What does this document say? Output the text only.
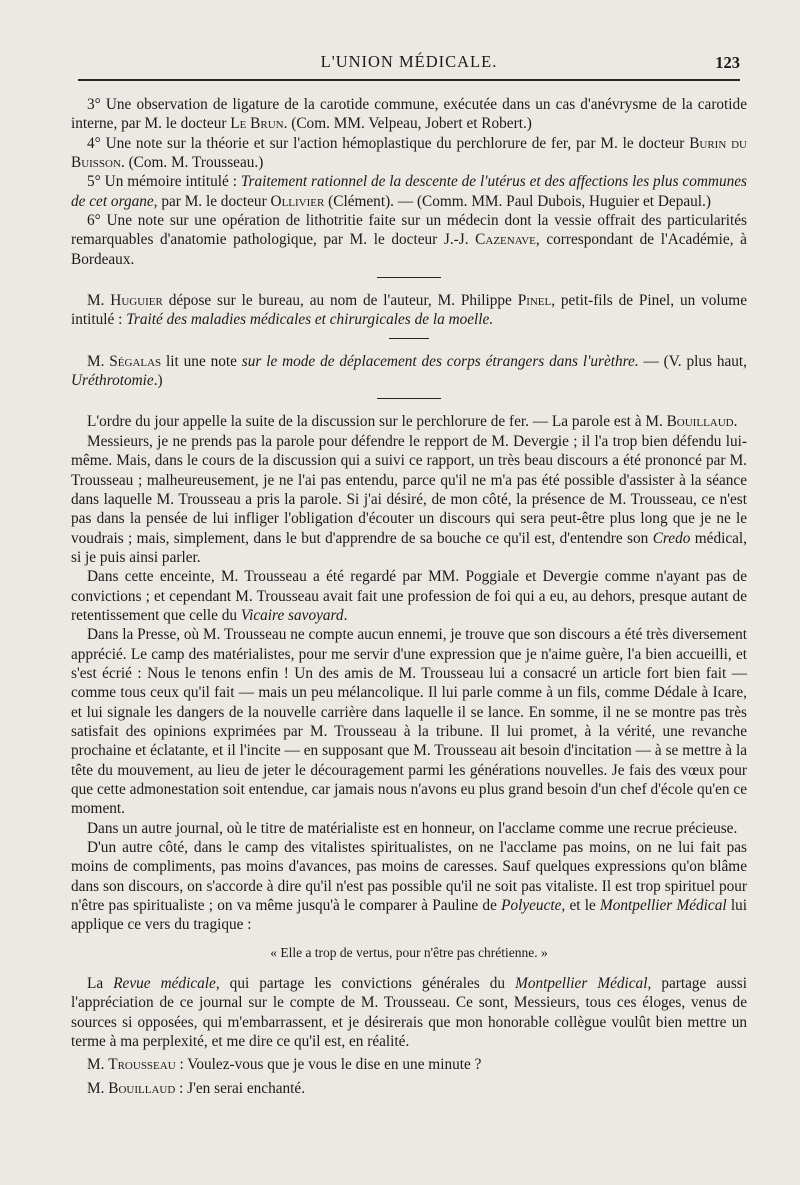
L'UNION MÉDICALE.	123

3° Une observation de ligature de la carotide commune, exécutée dans un cas d'anévrysme de la carotide interne, par M. le docteur Le Brun. (Com. MM. Velpeau, Jobert et Robert.)

4° Une note sur la théorie et sur l'action hémoplastique du perchlorure de fer, par M. le docteur Burin du Buisson. (Com. M. Trousseau.)

5° Un mémoire intitulé : Traitement rationnel de la descente de l'utérus et des affections les plus communes de cet organe, par M. le docteur Ollivier (Clément). — (Comm. MM. Paul Dubois, Huguier et Depaul.)

6° Une note sur une opération de lithotritie faite sur un médecin dont la vessie offrait des particularités remarquables d'anatomie pathologique, par M. le docteur J.-J. Cazenave, correspondant de l'Académie, à Bordeaux.

M. Huguier dépose sur le bureau, au nom de l'auteur, M. Philippe Pinel, petit-fils de Pinel, un volume intitulé : Traité des maladies médicales et chirurgicales de la moelle.

M. Ségalas lit une note sur le mode de déplacement des corps étrangers dans l'urèthre. — (V. plus haut, Uréthrotomie.)

L'ordre du jour appelle la suite de la discussion sur le perchlorure de fer. — La parole est à M. Bouillaud.

Messieurs, je ne prends pas la parole pour défendre le repport de M. Devergie ; il l'a trop bien défendu lui-même. Mais, dans le cours de la discussion qui a suivi ce rapport, un très beau discours a été prononcé par M. Trousseau ; malheureusement, je ne l'ai pas entendu, parce qu'il ne m'a pas été possible d'assister à la séance dans laquelle M. Trousseau a pris la parole. Si j'ai désiré, de mon côté, la présence de M. Trousseau, ce n'est pas dans la pensée de lui infliger l'obligation d'écouter un discours qui sera peut-être plus long que je ne le voudrais ; mais, simplement, dans le but d'apprendre de sa bouche ce qu'il est, d'entendre son Credo médical, si je puis ainsi parler.

Dans cette enceinte, M. Trousseau a été regardé par MM. Poggiale et Devergie comme n'ayant pas de convictions ; et cependant M. Trousseau avait fait une profession de foi qui a eu, au dehors, presque autant de retentissement que celle du Vicaire savoyard.

Dans la Presse, où M. Trousseau ne compte aucun ennemi, je trouve que son discours a été très diversement apprécié. Le camp des matérialistes, pour me servir d'une expression que je n'aime guère, l'a bien accueilli, et s'est écrié : Nous le tenons enfin ! Un des amis de M. Trousseau lui a consacré un article fort bien fait — comme tous ceux qu'il fait — mais un peu mélancolique. Il lui parle comme à un fils, comme Dédale à Icare, et lui signale les dangers de la nouvelle carrière dans laquelle il se lance. En somme, il ne se montre pas très satisfait des opinions exprimées par M. Trousseau à la tribune. Il lui promet, à la vérité, une revanche prochaine et éclatante, et il l'incite — en supposant que M. Trousseau ait besoin d'incitation — à se mettre à la tête du mouvement, au lieu de jeter le découragement parmi les générations nouvelles. Je fais des vœux pour que cette admonestation soit entendue, car jamais nous n'avons eu plus grand besoin d'un chef d'école qu'en ce moment.

Dans un autre journal, où le titre de matérialiste est en honneur, on l'acclame comme une recrue précieuse.

D'un autre côté, dans le camp des vitalistes spiritualistes, on ne l'acclame pas moins, on ne lui fait pas moins de compliments, pas moins d'avances, pas moins de caresses. Sauf quelques expressions qu'on blâme dans son discours, on s'accorde à dire qu'il n'est pas possible qu'il ne soit pas vitaliste. Il est trop spirituel pour n'être pas spiritualiste ; on va même jusqu'à le comparer à Pauline de Polyeucte, et le Montpellier Médical lui applique ce vers du tragique :

« Elle a trop de vertus, pour n'être pas chrétienne. »

La Revue médicale, qui partage les convictions générales du Montpellier Médical, partage aussi l'appréciation de ce journal sur le compte de M. Trousseau. Ce sont, Messieurs, tous ces éloges, venus de sources si opposées, qui m'embarrassent, et je désirerais que mon honorable collègue voulût bien mettre un terme à ma perplexité, et me dire ce qu'il est, en réalité.

M. Trousseau : Voulez-vous que je vous le dise en une minute ?

M. Bouillaud : J'en serai enchanté.
